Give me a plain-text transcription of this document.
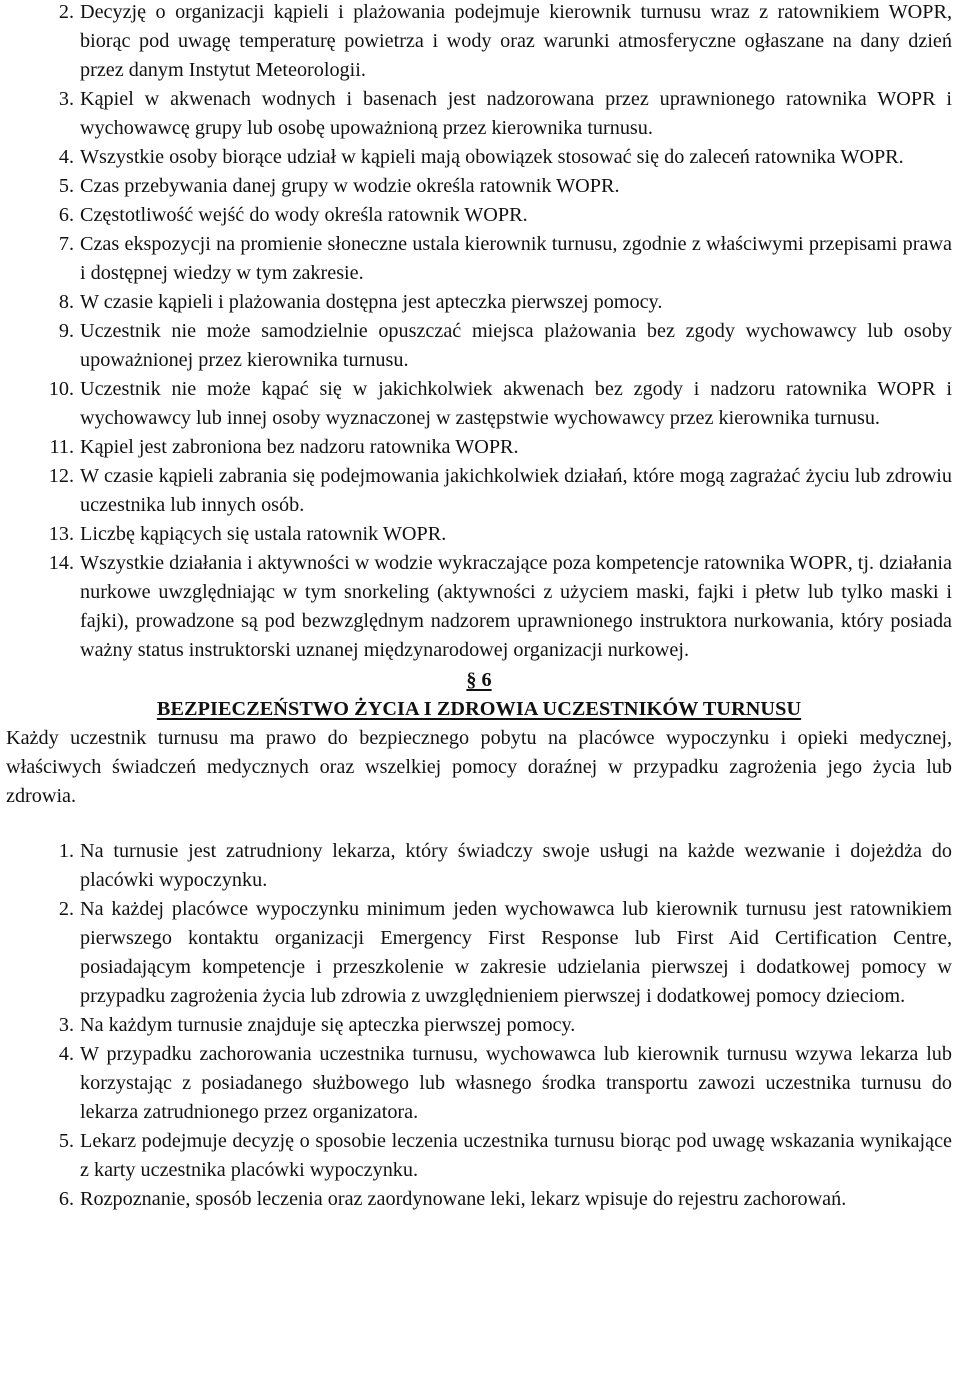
2. Decyzję o organizacji kąpieli i plażowania podejmuje kierownik turnusu wraz z ratownikiem WOPR, biorąc pod uwagę temperaturę powietrza i wody oraz warunki atmosferyczne ogłaszane na dany dzień przez danym Instytut Meteorologii.
3. Kąpiel w akwenach wodnych i basenach jest nadzorowana przez uprawnionego ratownika WOPR i wychowawcę grupy lub osobę upoważnioną przez kierownika turnusu.
4. Wszystkie osoby biorące udział w kąpieli mają obowiązek stosować się do zaleceń ratownika WOPR.
5. Czas przebywania danej grupy w wodzie określa ratownik WOPR.
6. Częstotliwość wejść do wody określa ratownik WOPR.
7. Czas ekspozycji na promienie słoneczne ustala kierownik turnusu, zgodnie z właściwymi przepisami prawa i dostępnej wiedzy w tym zakresie.
8. W czasie kąpieli i plażowania dostępna jest apteczka pierwszej pomocy.
9. Uczestnik nie może samodzielnie opuszczać miejsca plażowania bez zgody wychowawcy lub osoby upoważnionej przez kierownika turnusu.
10. Uczestnik nie może kąpać się w jakichkolwiek akwenach bez zgody i nadzoru ratownika WOPR i wychowawcy lub innej osoby wyznaczonej w zastępstwie wychowawcy przez kierownika turnusu.
11. Kąpiel jest zabroniona bez nadzoru ratownika WOPR.
12. W czasie kąpieli zabrania się podejmowania jakichkolwiek działań, które mogą zagrażać życiu lub zdrowiu uczestnika lub innych osób.
13. Liczbę kąpiących się ustala ratownik WOPR.
14. Wszystkie działania i aktywności w wodzie wykraczające poza kompetencje ratownika WOPR, tj. działania nurkowe uwzględniając w tym snorkeling (aktywności z użyciem maski, fajki i płetw lub tylko maski i fajki), prowadzone są pod bezwzględnym nadzorem uprawnionego instruktora nurkowania, który posiada ważny status instruktorski uznanej międzynarodowej organizacji nurkowej.
§ 6
BEZPIECZEŃSTWO ŻYCIA I ZDROWIA UCZESTNIKÓW TURNUSU

Każdy uczestnik turnusu ma prawo do bezpiecznego pobytu na placówce wypoczynku i opieki medycznej, właściwych świadczeń medycznych oraz wszelkiej pomocy doraźnej w przypadku zagrożenia jego życia lub zdrowia.

1. Na turnusie jest zatrudniony lekarza, który świadczy swoje usługi na każde wezwanie i dojeżdża do placówki wypoczynku.
2. Na każdej placówce wypoczynku minimum jeden wychowawca lub kierownik turnusu jest ratownikiem pierwszego kontaktu organizacji Emergency First Response lub First Aid Certification Centre, posiadającym kompetencje i przeszkolenie w zakresie udzielania pierwszej i dodatkowej pomocy w przypadku zagrożenia życia lub zdrowia z uwzględnieniem pierwszej i dodatkowej pomocy dzieciom.
3. Na każdym turnusie znajduje się apteczka pierwszej pomocy.
4. W przypadku zachorowania uczestnika turnusu, wychowawca lub kierownik turnusu wzywa lekarza lub korzystając z posiadanego służbowego lub własnego środka transportu zawozi uczestnika turnusu do lekarza zatrudnionego przez organizatora.
5. Lekarz podejmuje decyzję o sposobie leczenia uczestnika turnusu biorąc pod uwagę wskazania wynikające z karty uczestnika placówki wypoczynku.
6. Rozpoznanie, sposób leczenia oraz zaordynowane leki, lekarz wpisuje do rejestru zachorowań.
